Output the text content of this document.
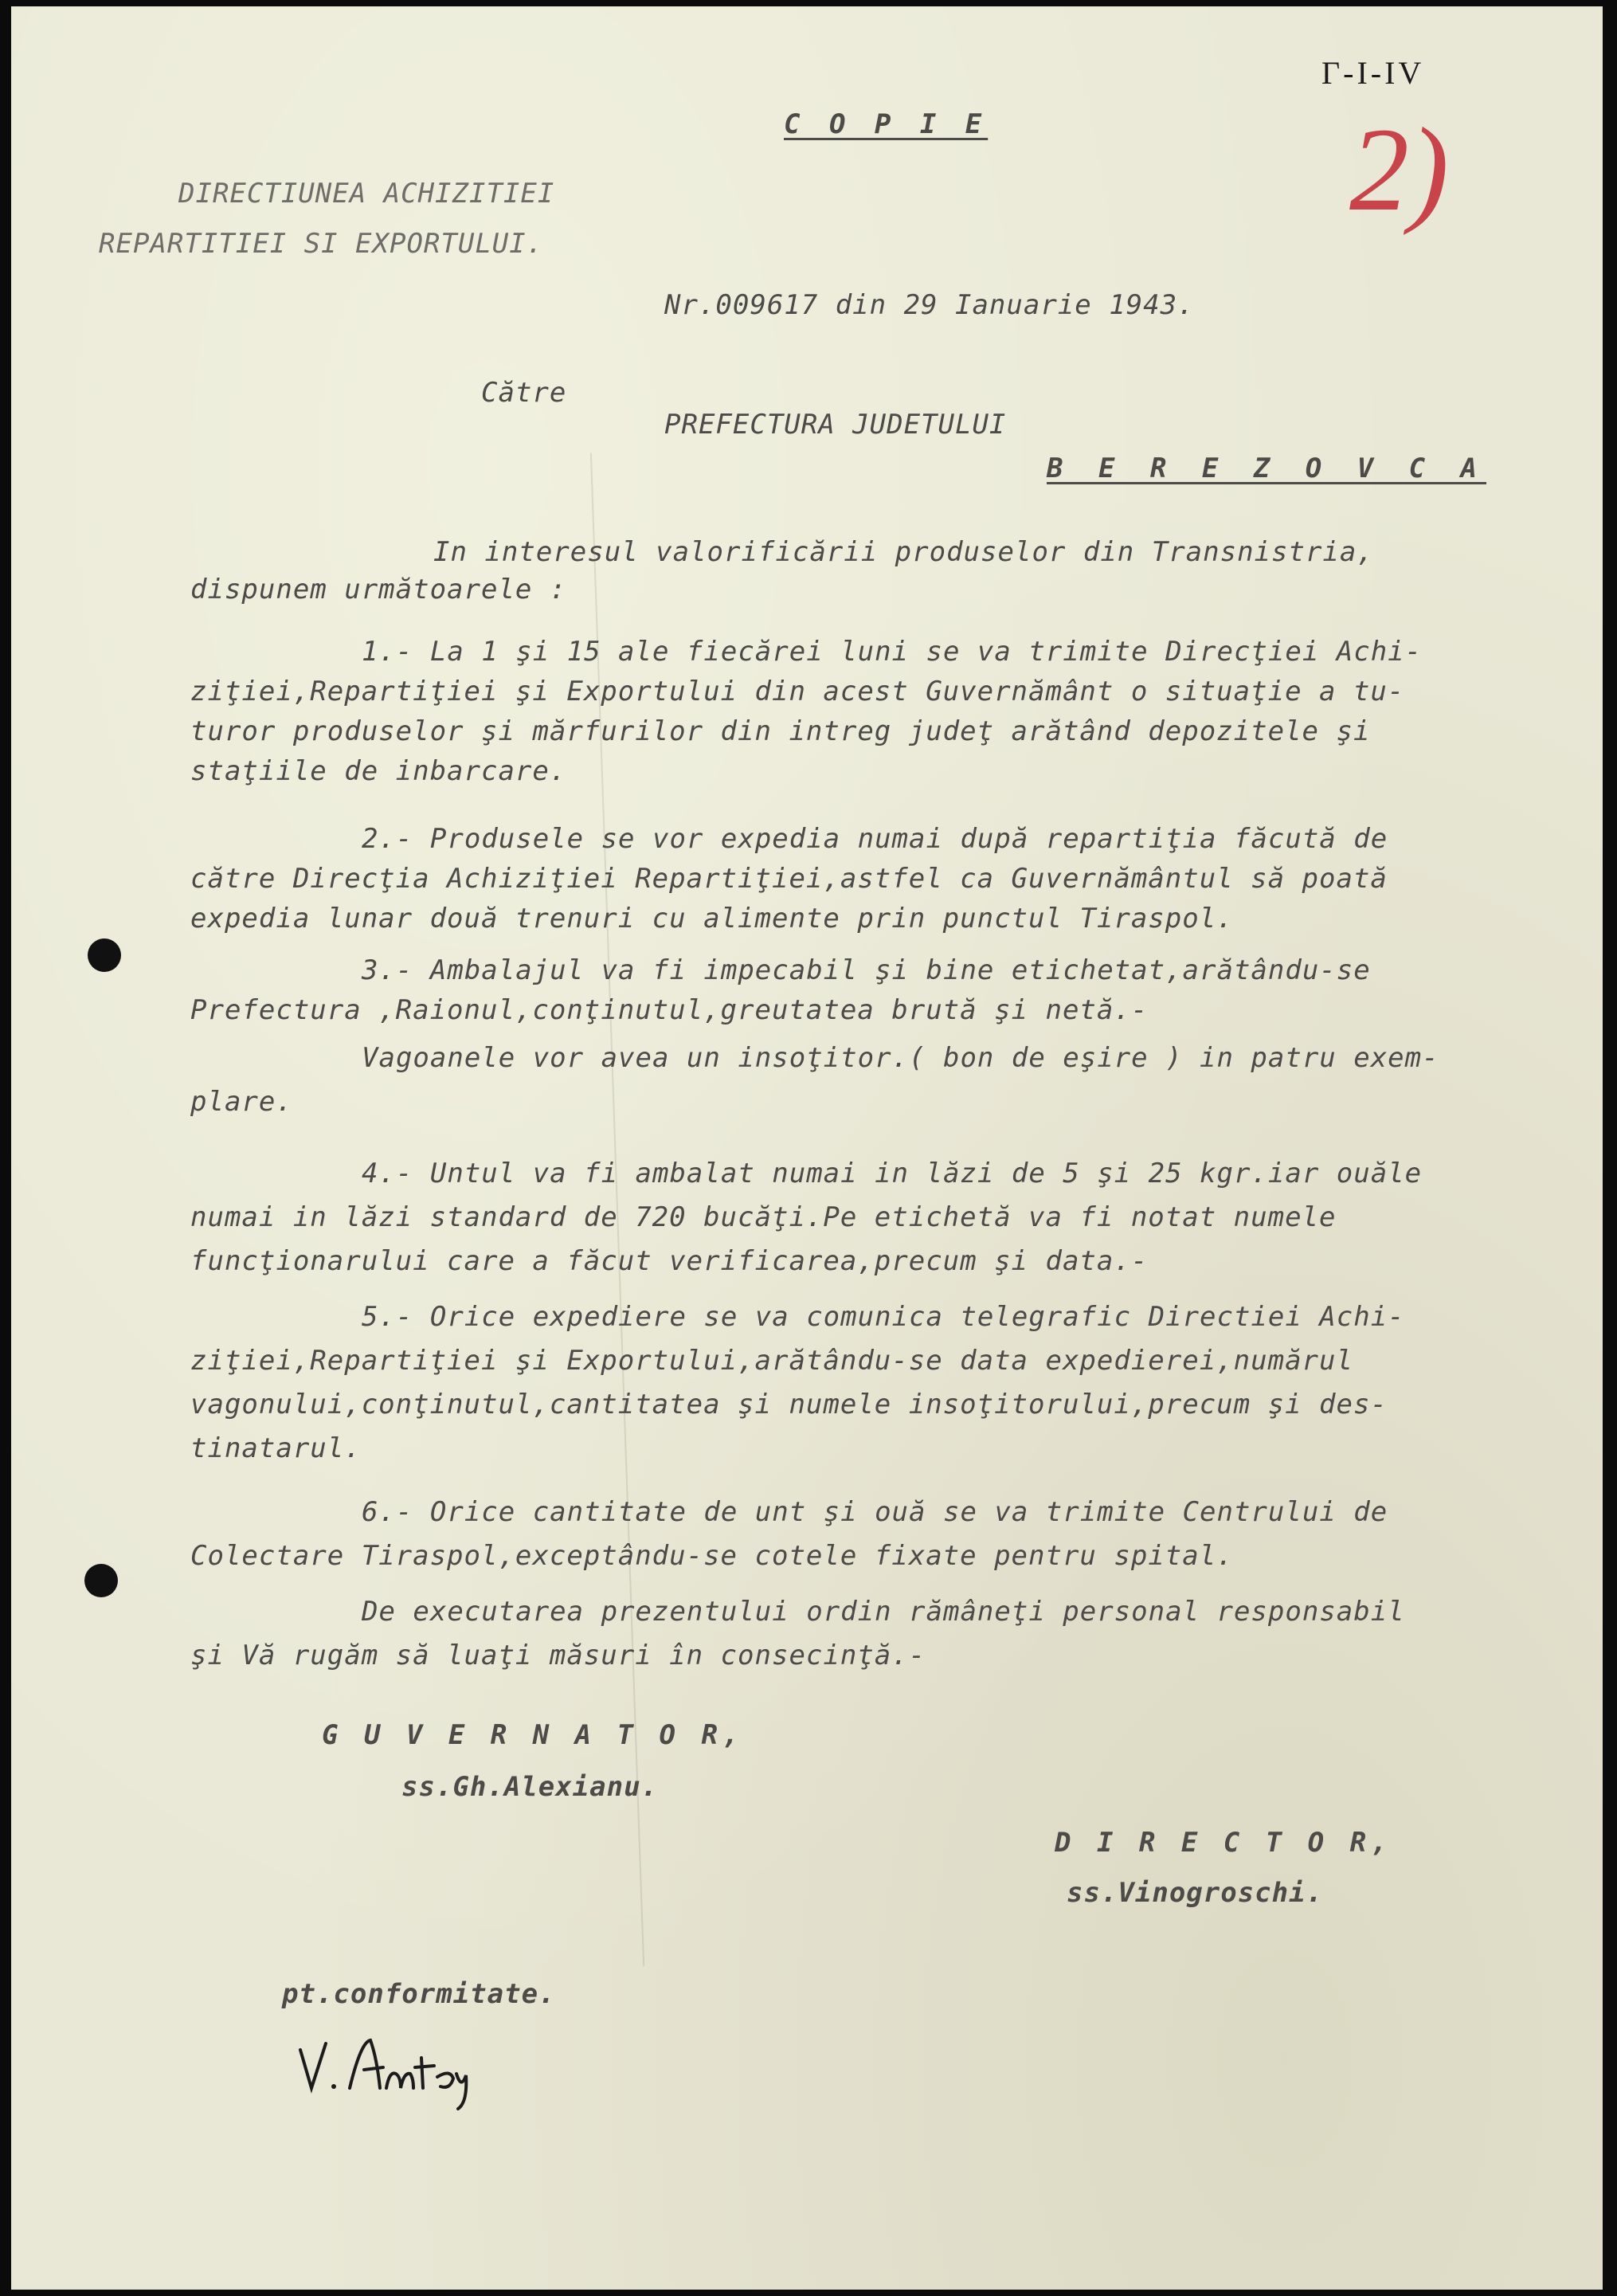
Г-I-IV
2)
C O P I E
DIRECTIUNEA ACHIZITIEI
REPARTITIEI SI EXPORTULUI.
Nr.009617 din 29 Ianuarie 1943.
Către
PREFECTURA JUDETULUI
B E R E Z O V C A
In interesul valorificării produselor din Transnistria,
dispunem următoarele :
1.- La 1 şi 15 ale fiecărei luni se va trimite Direcţiei Achi-
ziţiei,Repartiţiei şi Exportului din acest Guvernământ o situaţie a tu-
turor produselor şi mărfurilor din intreg judeţ arătând depozitele şi
staţiile de inbarcare.
2.- Produsele se vor expedia numai după repartiţia făcută de
către Direcţia Achiziţiei Repartiţiei,astfel ca Guvernământul să poată
expedia lunar două trenuri cu alimente prin punctul Tiraspol.
3.- Ambalajul va fi impecabil şi bine etichetat,arătându-se
Prefectura ,Raionul,conţinutul,greutatea brută şi netă.-
Vagoanele vor avea un insoţitor.( bon de eşire ) in patru exem-
plare.
4.- Untul va fi ambalat numai in lăzi de 5 şi 25 kgr.iar ouăle
numai in lăzi standard de 720 bucăţi.Pe etichetă va fi notat numele
funcţionarului care a făcut verificarea,precum şi data.-
5.- Orice expediere se va comunica telegrafic Directiei Achi-
ziţiei,Repartiţiei şi Exportului,arătându-se data expedierei,numărul
vagonului,conţinutul,cantitatea şi numele insoţitorului,precum şi des-
tinatarul.
6.- Orice cantitate de unt şi ouă se va trimite Centrului de
Colectare Tiraspol,exceptându-se cotele fixate pentru spital.
De executarea prezentului ordin rămâneţi personal responsabil
şi Vă rugăm să luaţi măsuri în consecinţă.-
G U V E R N A T O R,
ss.Gh.Alexianu.
D I R E C T O R,
ss.Vinogroschi.
pt.conformitate.
